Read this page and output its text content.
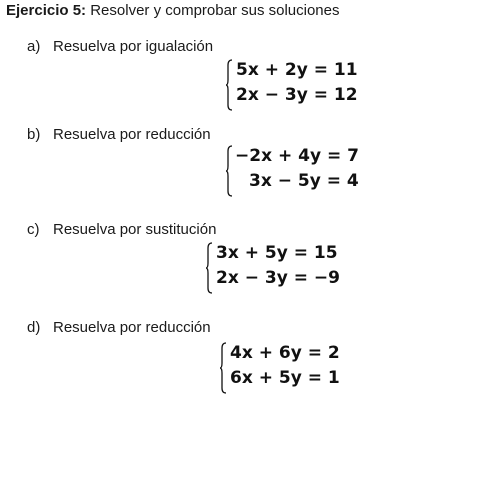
Ejercicio 5: Resolver y comprobar sus soluciones
a) Resuelva por igualación
5x + 2y = 11
2x − 3y = 12
b) Resuelva por reducción
−2x + 4y = 7
3x − 5y = 4
c) Resuelva por sustitución
3x + 5y = 15
2x − 3y = −9
d) Resuelva por reducción
4x + 6y = 2
6x + 5y = 1
